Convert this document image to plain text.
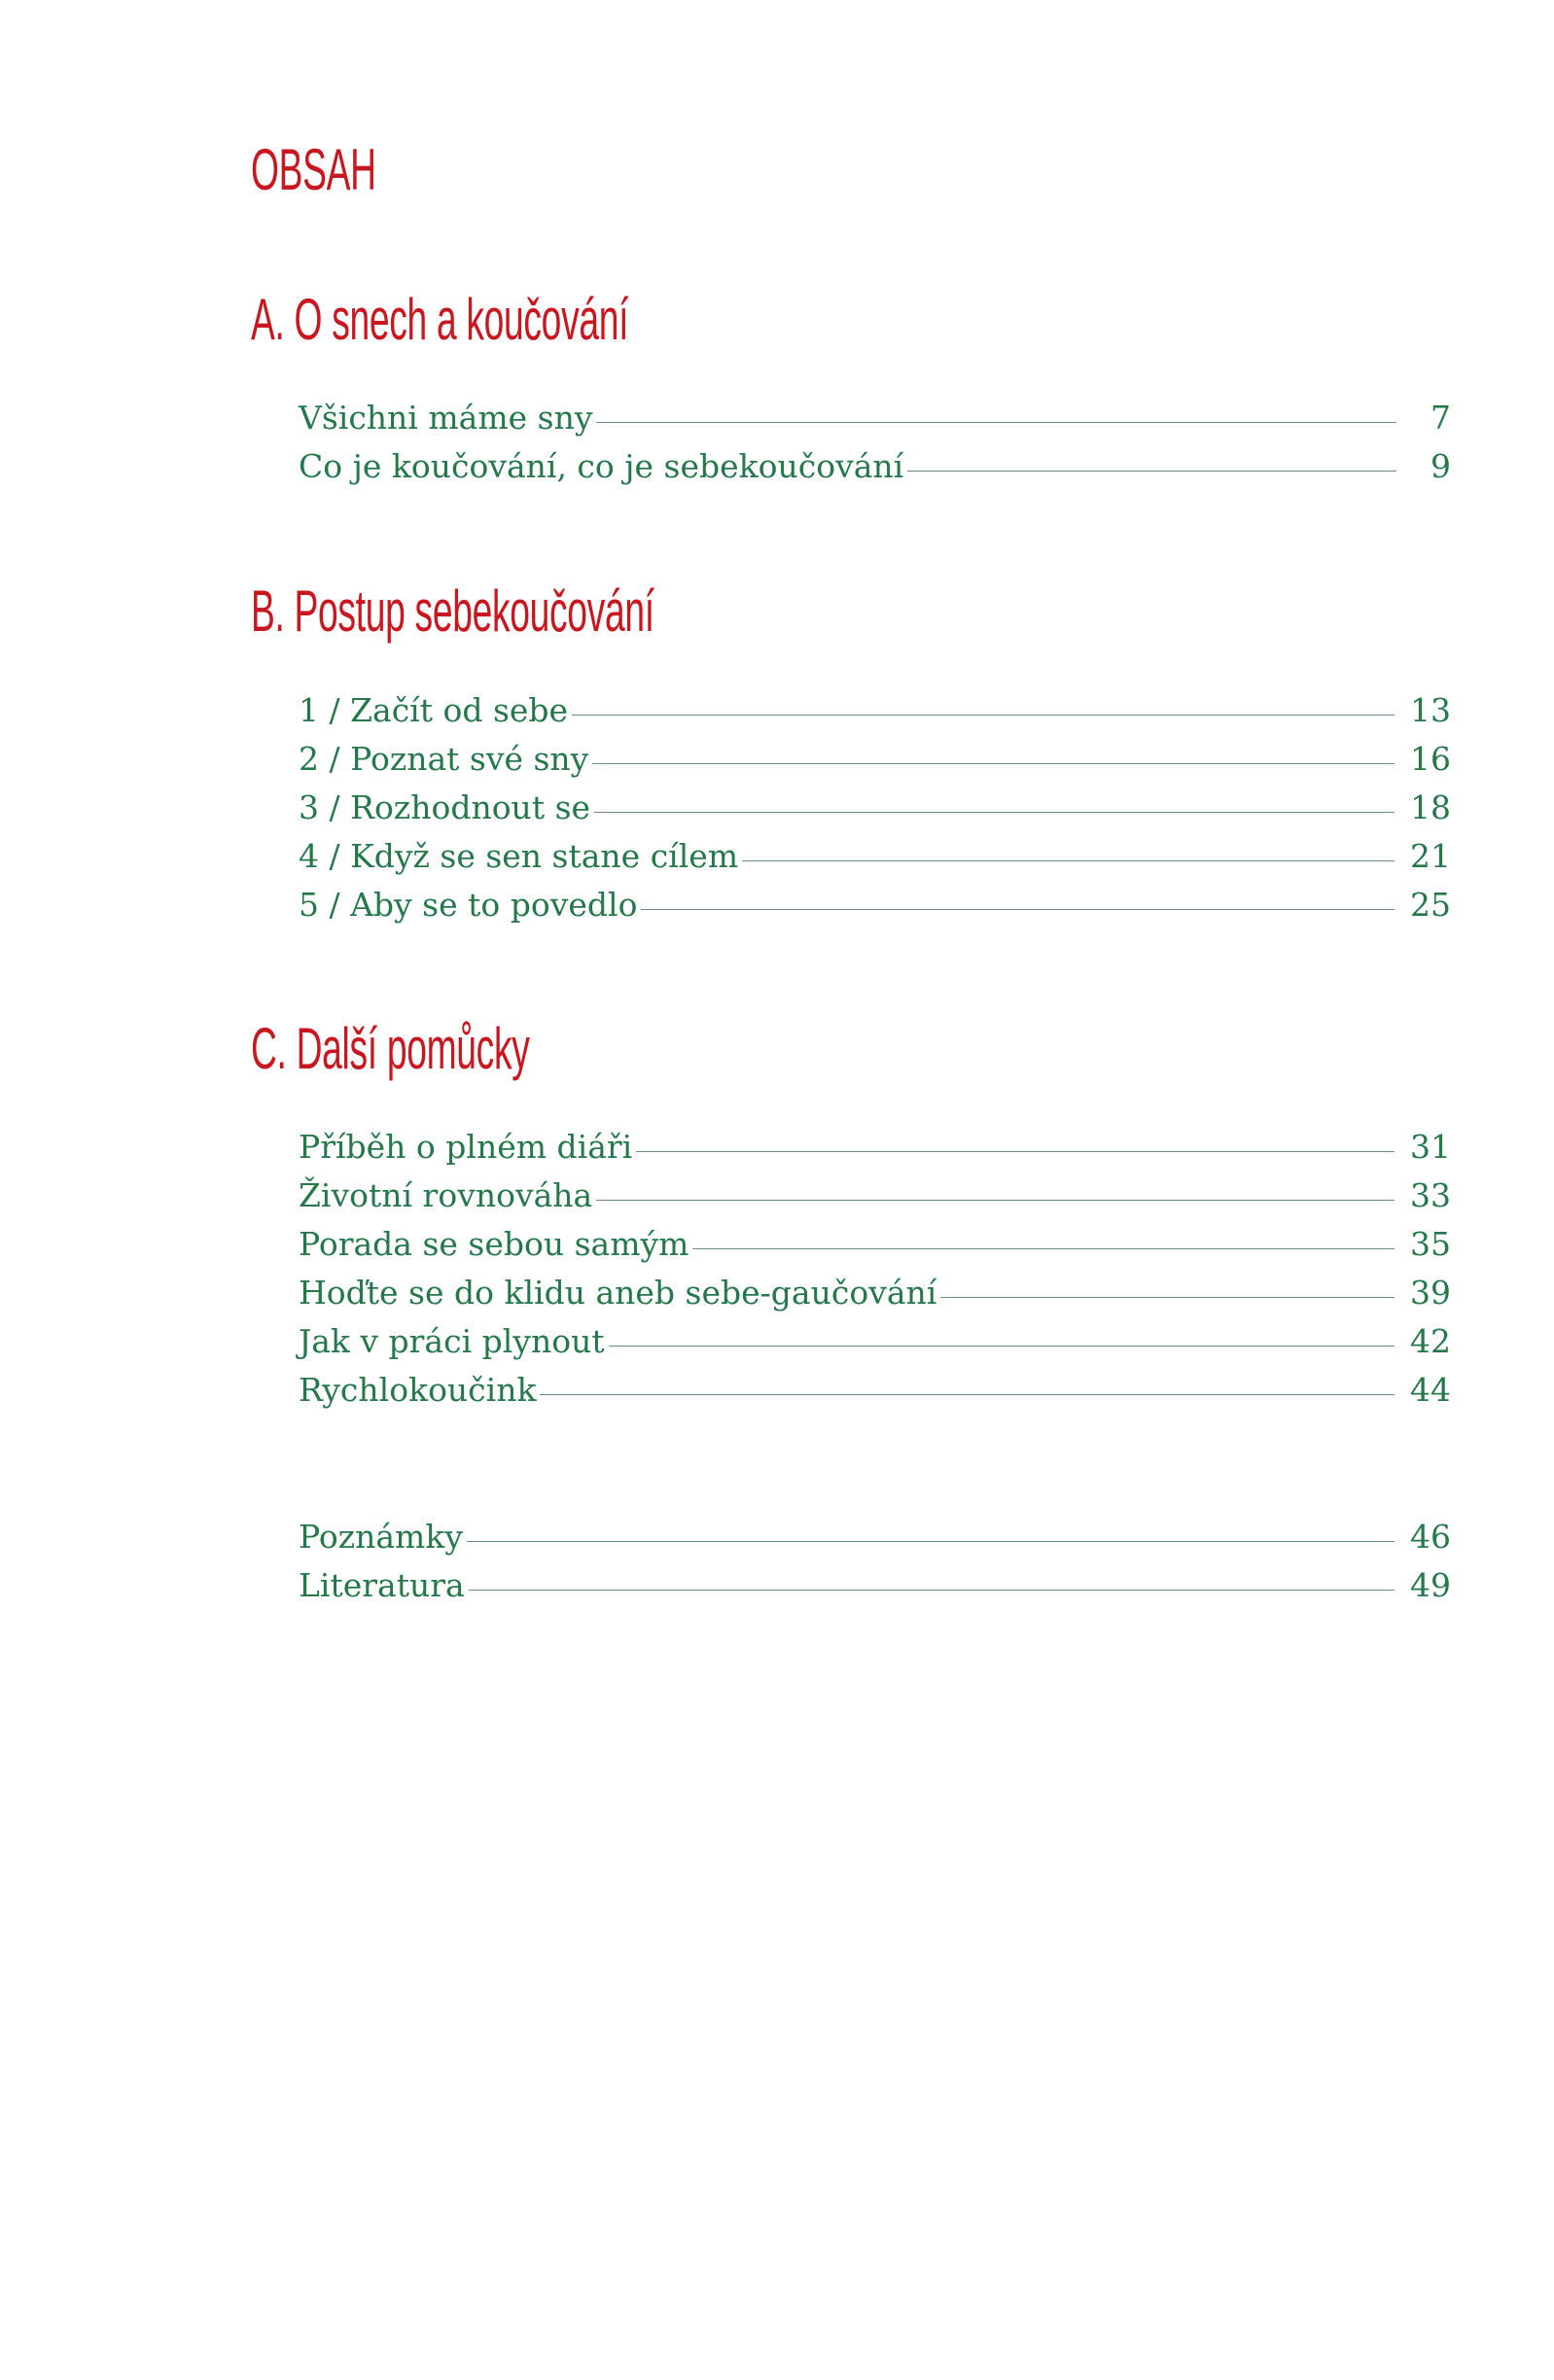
OBSAH
A. O snech a koučování
Všichni máme sny	7
Co je koučování, co je sebekoučování	9
B. Postup sebekoučování
1 / Začít od sebe	13
2 / Poznat své sny	16
3 / Rozhodnout se	18
4 / Když se sen stane cílem	21
5 / Aby se to povedlo	25
C. Další pomůcky
Příběh o plném diáři	31
Životní rovnováha	33
Porada se sebou samým	35
Hoďte se do klidu aneb sebe-gaučování	39
Jak v práci plynout	42
Rychlokoučink	44
Poznámky	46
Literatura	49
